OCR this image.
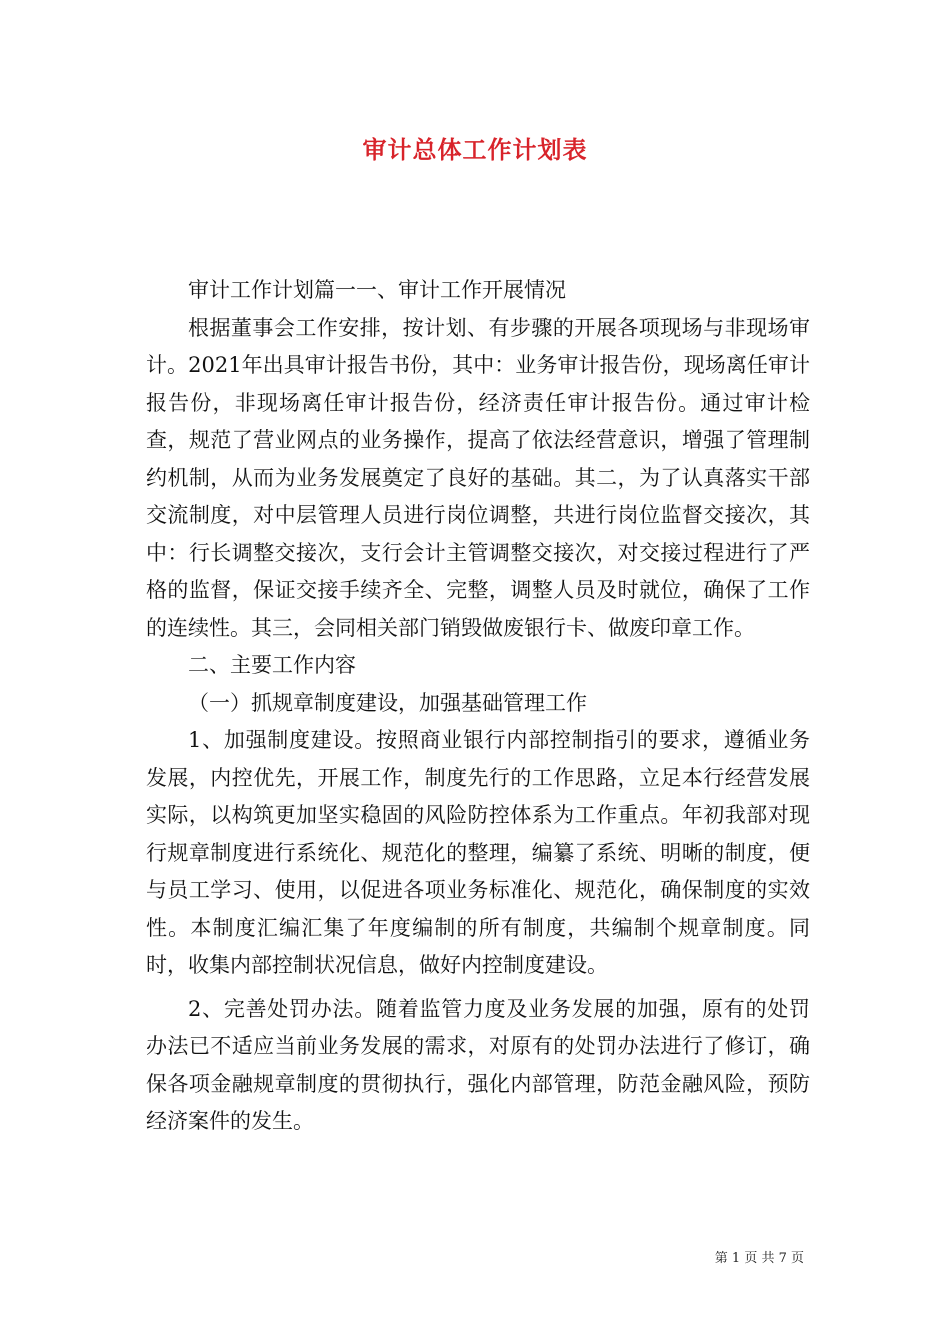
审计总体工作计划表

审计工作计划篇一一、审计工作开展情况

根据董事会工作安排，按计划、有步骤的开展各项现场与非现场审计。2021年出具审计报告书份，其中：业务审计报告份，现场离任审计报告份，非现场离任审计报告份，经济责任审计报告份。通过审计检查，规范了营业网点的业务操作，提高了依法经营意识，增强了管理制约机制，从而为业务发展奠定了良好的基础。其二，为了认真落实干部交流制度，对中层管理人员进行岗位调整，共进行岗位监督交接次，其中：行长调整交接次，支行会计主管调整交接次，对交接过程进行了严格的监督，保证交接手续齐全、完整，调整人员及时就位，确保了工作的连续性。其三，会同相关部门销毁做废银行卡、做废印章工作。

二、主要工作内容

（一）抓规章制度建设，加强基础管理工作

1、加强制度建设。按照商业银行内部控制指引的要求，遵循业务发展，内控优先，开展工作，制度先行的工作思路，立足本行经营发展实际，以构筑更加坚实稳固的风险防控体系为工作重点。年初我部对现行规章制度进行系统化、规范化的整理，编纂了系统、明晰的制度，便与员工学习、使用，以促进各项业务标准化、规范化，确保制度的实效性。本制度汇编汇集了年度编制的所有制度，共编制个规章制度。同时，收集内部控制状况信息，做好内控制度建设。

2、完善处罚办法。随着监管力度及业务发展的加强，原有的处罚办法已不适应当前业务发展的需求，对原有的处罚办法进行了修订，确保各项金融规章制度的贯彻执行，强化内部管理，防范金融风险，预防经济案件的发生。

第 1 页 共 7 页
